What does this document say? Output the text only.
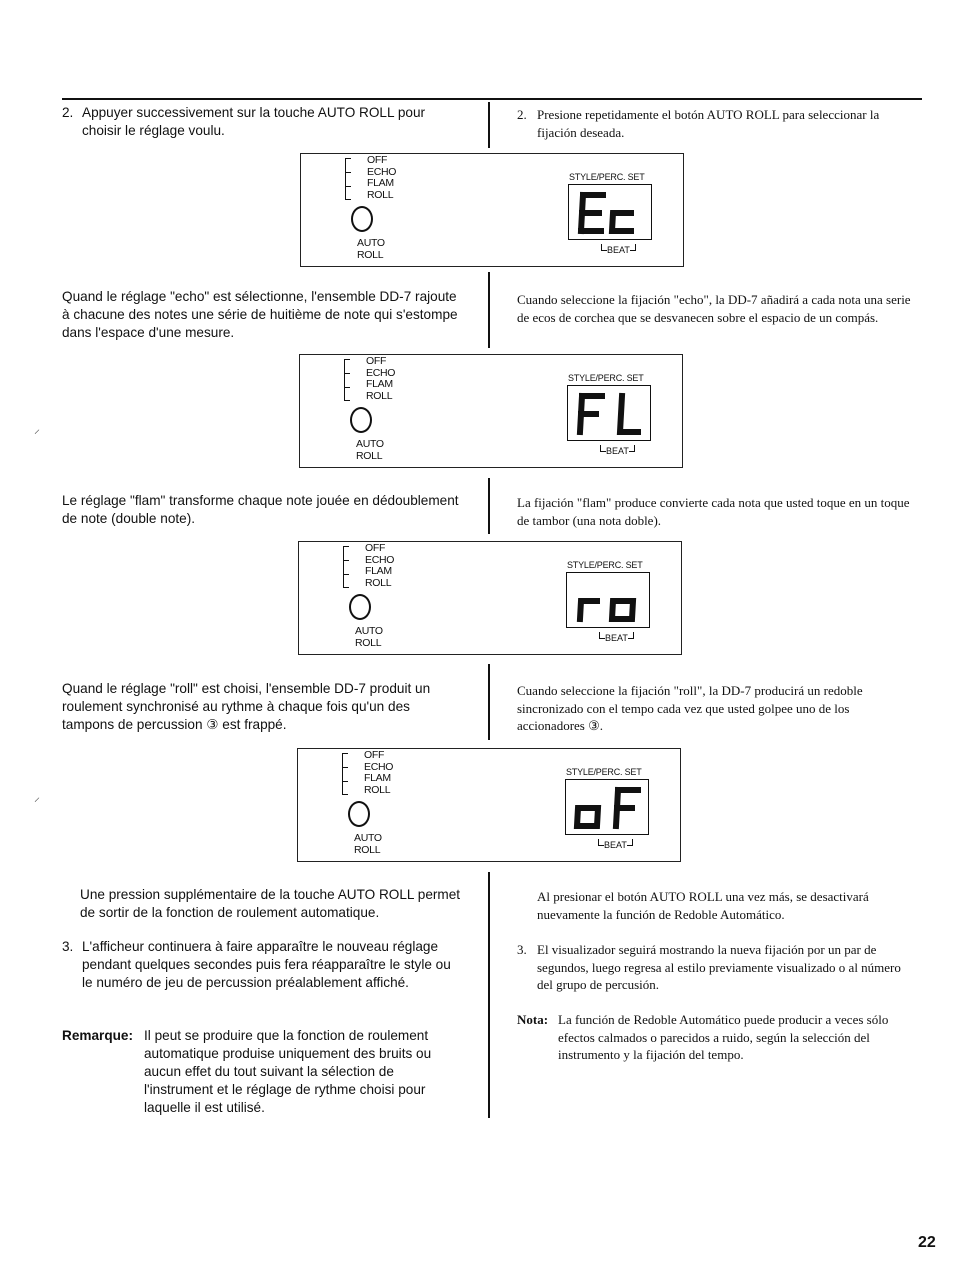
⸝
⸝
2. Appuyer successivement sur la touche AUTO ROLL pour choisir le réglage voulu.
2. Presione repetidamente el botón AUTO ROLL para seleccionar la fijación deseada.
OFF
ECHO
FLAM
ROLL
AUTO
ROLL
STYLE/PERC. SET
BEAT
Quand le réglage "echo" est sélectionne, l'ensemble DD-7 rajoute à chacune des notes une série de huitième de note qui s'estompe dans l'espace d'une mesure.
Cuando seleccione la fijación "echo", la DD-7 añadirá a cada nota una serie de ecos de corchea que se desvanecen sobre el espacio de un compás.
OFF
ECHO
FLAM
ROLL
AUTO
ROLL
STYLE/PERC. SET
BEAT
Le réglage "flam" transforme chaque note jouée en dédoublement de note (double note).
La fijación "flam" produce convierte cada nota que usted toque en un toque de tambor (una nota doble).
OFF
ECHO
FLAM
ROLL
AUTO
ROLL
STYLE/PERC. SET
BEAT
Quand le réglage "roll" est choisi, l'ensemble DD-7 produit un roulement synchronisé au rythme à chaque fois qu'un des tampons de percussion ③ est frappé.
Cuando seleccione la fijación "roll", la DD-7 producirá un redoble sincronizado con el tempo cada vez que usted golpee uno de los accionadores ③.
OFF
ECHO
FLAM
ROLL
AUTO
ROLL
STYLE/PERC. SET
BEAT
Une pression supplémentaire de la touche AUTO ROLL permet de sortir de la fonction de roulement automatique.
3. L'afficheur continuera à faire apparaître le nouveau réglage pendant quelques secondes puis fera réapparaître le style ou le numéro de jeu de percussion préalablement affiché.
Remarque: Il peut se produire que la fonction de roulement automatique produise uniquement des bruits ou aucun effet du tout suivant la sélection de l'instrument et le réglage de rythme choisi pour laquelle il est utilisé.
Al presionar el botón AUTO ROLL una vez más, se desactivará nuevamente la función de Redoble Automático.
3. El visualizador seguirá mostrando la nueva fijación por un par de segundos, luego regresa al estilo previamente visualizado o al número del grupo de percusión.
Nota: La función de Redoble Automático puede producir a veces sólo efectos calmados o parecidos a ruido, según la selección del instrumento y la fijación del tempo.
22
